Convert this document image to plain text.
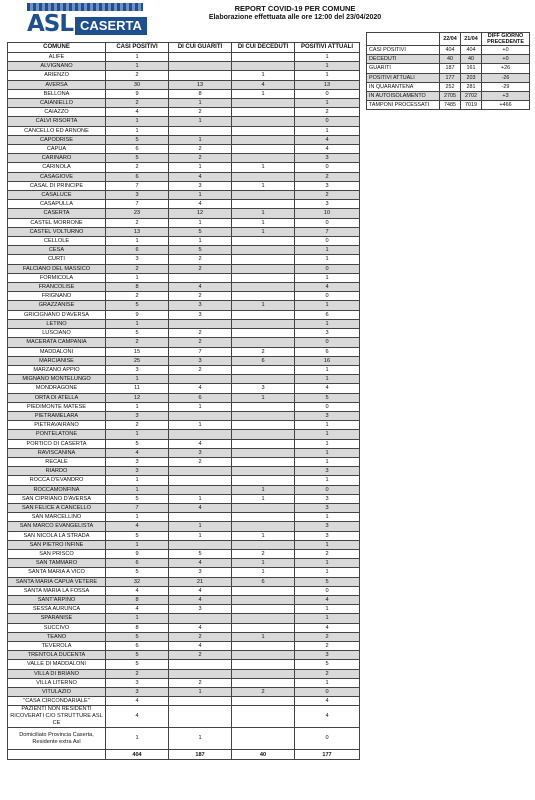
ASL CASERTA
REPORT COVID-19 PER COMUNE
Elaborazione effettuata alle ore 12:00 del 23/04/2020
COMUNE	CASI POSITIVI	DI CUI GUARITI	DI CUI DECEDUTI	POSITIVI ATTUALI
ALIFE	1			1
ALVIGNANO	1			1
ARIENZO	2		1	1
AVERSA	30	13	4	13
BELLONA	9	8	1	0
CAIANIELLO	2	1		1
CAIAZZO	4	2		2
CALVI RISORTA	1	1		0
CANCELLO ED ARNONE	1			1
CAPODRISE	5	1		4
CAPUA	6	2		4
CARINARO	5	2		3
CARINOLA	2	1	1	0
CASAGIOVE	6	4		2
CASAL DI PRINCIPE	7	3	1	3
CASALUCE	3	1		2
CASAPULLA	7	4		3
CASERTA	23	12	1	10
CASTEL MORRONE	2	1	1	0
CASTEL VOLTURNO	13	5	1	7
CELLOLE	1	1		0
CESA	6	5		1
CURTI	3	2		1
FALCIANO DEL MASSICO	2	2		0
FORMICOLA	1			1
FRANCOLISE	8	4		4
FRIGNANO	2	2		0
GRAZZANISE	5	3	1	1
GRICIGNANO D'AVERSA	9	3		6
LETINO	1			1
LUSCIANO	5	2		3
MACERATA CAMPANIA	2	2		0
MADDALONI	15	7	2	6
MARCIANISE	25	3	6	16
MARZANO APPIO	3	2		1
MIGNANO MONTELUNGO	1			1
MONDRAGONE	11	4	3	4
ORTA DI ATELLA	12	6	1	5
PIEDIMONTE MATESE	1	1		0
PIETRAMELARA	3			3
PIETRAVAIRANO	2	1		1
PONTELATONE	1			1
PORTICO DI CASERTA	5	4		1
RAVISCANINA	4	3		1
RECALE	3	2		1
RIARDO	3			3
ROCCA D'EVANDRO	1			1
ROCCAMONFINA	1		1	0
SAN CIPRIANO D'AVERSA	5	1	1	3
SAN FELICE A CANCELLO	7	4		3
SAN MARCELLINO	1			1
SAN MARCO EVANGELISTA	4	1		3
SAN NICOLA LA STRADA	5	1	1	3
SAN PIETRO INFINE	1			1
SAN PRISCO	9	5	2	2
SAN TAMMARO	6	4	1	1
SANTA MARIA A VICO	5	3	1	1
SANTA MARIA CAPUA VETERE	32	21	6	5
SANTA MARIA LA FOSSA	4	4		0
SANT'ARPINO	8	4		4
SESSA AURUNCA	4	3		1
SPARANISE	1			1
SUCCIVO	8	4		4
TEANO	5	2	1	2
TEVEROLA	6	4		2
TRENTOLA DUCENTA	5	2		3
VALLE DI MADDALONI	5			5
VILLA DI BRIANO	2			2
VILLA LITERNO	3	2		1
VITULAZIO	3	1	2	0
"CASA CIRCONDARIALE"	4			4
PAZIENTI NON RESIDENTI RICOVERATI C/O STRUTTURE ASL CE	4			4
Domiciliato Provincia Caserta, Residente extra Asl	1	1		0
	404	187	40	177
	22/04	21/04	DIFF GIORNO PRECEDENTE
CASI POSITIVI	404	404	+0
DECEDUTI	40	40	+0
GUARITI	187	161	+26
POSITIVI ATTUALI	177	203	-26
IN QUARANTENA	252	281	-29
IN AUTOISOLAMENTO	2705	2702	+3
TAMPONI PROCESSATI	7485	7019	+466
